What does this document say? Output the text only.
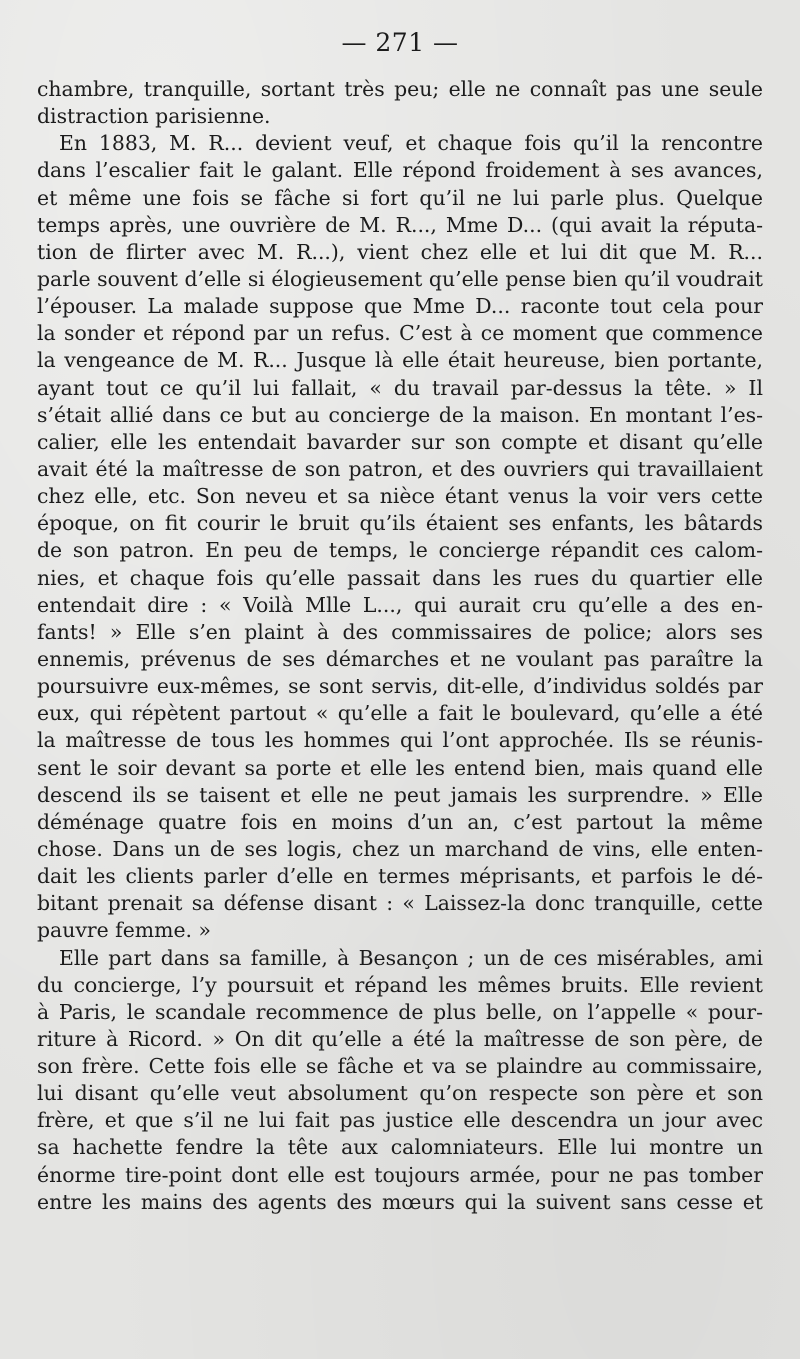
— 271 —
chambre, tranquille, sortant très peu; elle ne connaît pas une seule
distraction parisienne.
En 1883, M. R... devient veuf, et chaque fois qu’il la rencontre
dans l’escalier fait le galant. Elle répond froidement à ses avances,
et même une fois se fâche si fort qu’il ne lui parle plus. Quelque
temps après, une ouvrière de M. R..., Mme D... (qui avait la réputa-
tion de flirter avec M. R...), vient chez elle et lui dit que M. R...
parle souvent d’elle si élogieusement qu’elle pense bien qu’il voudrait
l’épouser. La malade suppose que Mme D... raconte tout cela pour
la sonder et répond par un refus. C’est à ce moment que commence
la vengeance de M. R... Jusque là elle était heureuse, bien portante,
ayant tout ce qu’il lui fallait, « du travail par-dessus la tête. » Il
s’était allié dans ce but au concierge de la maison. En montant l’es-
calier, elle les entendait bavarder sur son compte et disant qu’elle
avait été la maîtresse de son patron, et des ouvriers qui travaillaient
chez elle, etc. Son neveu et sa nièce étant venus la voir vers cette
époque, on fit courir le bruit qu’ils étaient ses enfants, les bâtards
de son patron. En peu de temps, le concierge répandit ces calom-
nies, et chaque fois qu’elle passait dans les rues du quartier elle
entendait dire : « Voilà Mlle L..., qui aurait cru qu’elle a des en-
fants! » Elle s’en plaint à des commissaires de police; alors ses
ennemis, prévenus de ses démarches et ne voulant pas paraître la
poursuivre eux-mêmes, se sont servis, dit-elle, d’individus soldés par
eux, qui répètent partout « qu’elle a fait le boulevard, qu’elle a été
la maîtresse de tous les hommes qui l’ont approchée. Ils se réunis-
sent le soir devant sa porte et elle les entend bien, mais quand elle
descend ils se taisent et elle ne peut jamais les surprendre. » Elle
déménage quatre fois en moins d’un an, c’est partout la même
chose. Dans un de ses logis, chez un marchand de vins, elle enten-
dait les clients parler d’elle en termes méprisants, et parfois le dé-
bitant prenait sa défense disant : « Laissez-la donc tranquille, cette
pauvre femme. »
Elle part dans sa famille, à Besançon ; un de ces misérables, ami
du concierge, l’y poursuit et répand les mêmes bruits. Elle revient
à Paris, le scandale recommence de plus belle, on l’appelle « pour-
riture à Ricord. » On dit qu’elle a été la maîtresse de son père, de
son frère. Cette fois elle se fâche et va se plaindre au commissaire,
lui disant qu’elle veut absolument qu’on respecte son père et son
frère, et que s’il ne lui fait pas justice elle descendra un jour avec
sa hachette fendre la tête aux calomniateurs. Elle lui montre un
énorme tire-point dont elle est toujours armée, pour ne pas tomber
entre les mains des agents des mœurs qui la suivent sans cesse et
